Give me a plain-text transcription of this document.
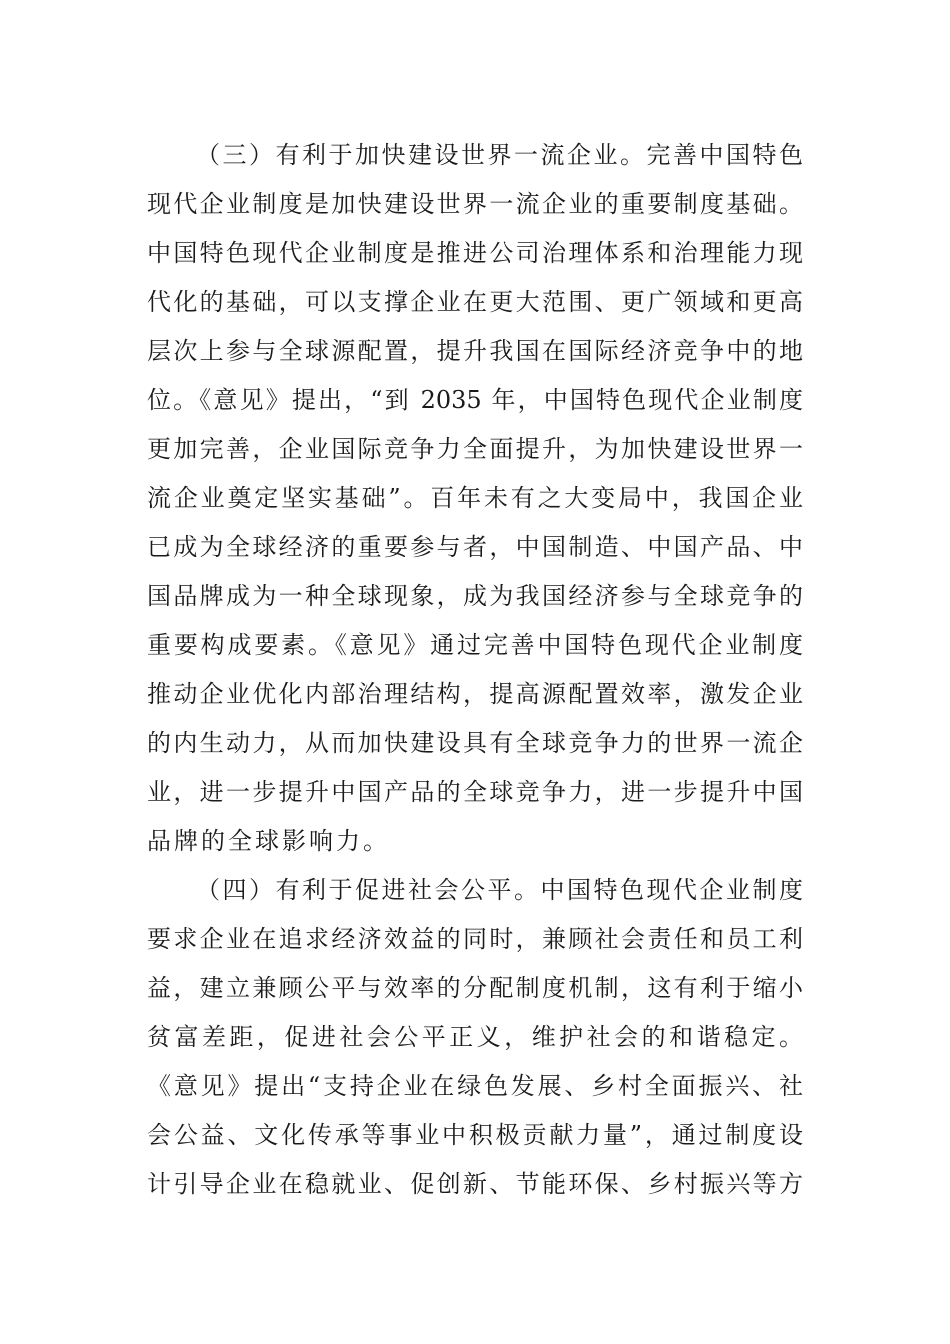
（三）有利于加快建设世界一流企业。完善中国特色
现代企业制度是加快建设世界一流企业的重要制度基础。
中国特色现代企业制度是推进公司治理体系和治理能力现
代化的基础，可以支撑企业在更大范围、更广领域和更高
层次上参与全球源配置，提升我国在国际经济竞争中的地
位。《意见》提出，“到 2035 年，中国特色现代企业制度
更加完善，企业国际竞争力全面提升，为加快建设世界一
流企业奠定坚实基础”。百年未有之大变局中，我国企业
已成为全球经济的重要参与者，中国制造、中国产品、中
国品牌成为一种全球现象，成为我国经济参与全球竞争的
重要构成要素。《意见》通过完善中国特色现代企业制度
推动企业优化内部治理结构，提高源配置效率，激发企业
的内生动力，从而加快建设具有全球竞争力的世界一流企
业，进一步提升中国产品的全球竞争力，进一步提升中国
品牌的全球影响力。
（四）有利于促进社会公平。中国特色现代企业制度
要求企业在追求经济效益的同时，兼顾社会责任和员工利
益，建立兼顾公平与效率的分配制度机制，这有利于缩小
贫富差距，促进社会公平正义，维护社会的和谐稳定。
《意见》提出“支持企业在绿色发展、乡村全面振兴、社
会公益、文化传承等事业中积极贡献力量”，通过制度设
计引导企业在稳就业、促创新、节能环保、乡村振兴等方
